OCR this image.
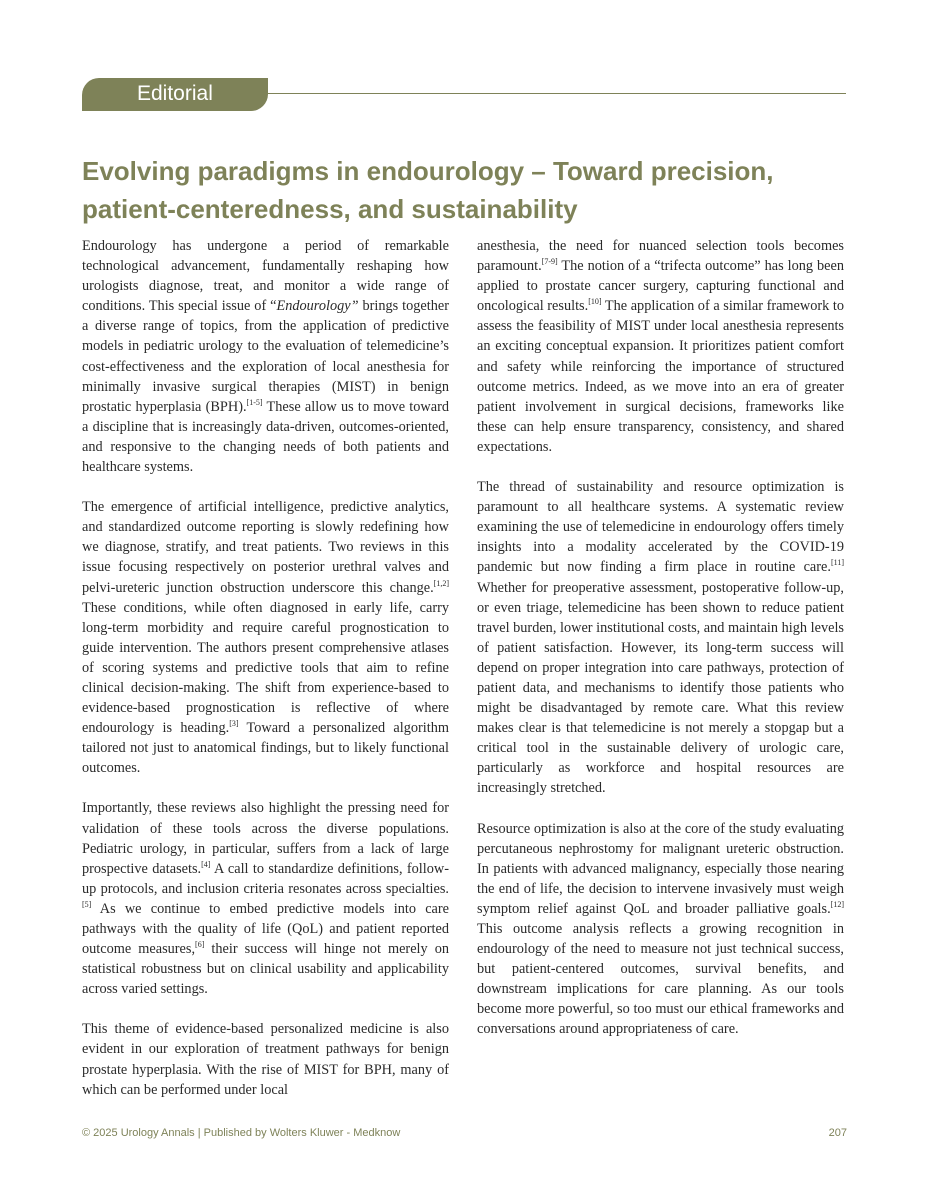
Editorial
Evolving paradigms in endourology – Toward precision, patient-centeredness, and sustainability

Endourology has undergone a period of remarkable technological advancement, fundamentally reshaping how urologists diagnose, treat, and monitor a wide range of conditions. This special issue of “Endourology” brings together a diverse range of topics, from the application of predictive models in pediatric urology to the evaluation of telemedicine’s cost-effectiveness and the exploration of local anesthesia for minimally invasive surgical therapies (MIST) in benign prostatic hyperplasia (BPH).[1-5] These allow us to move toward a discipline that is increasingly data-driven, outcomes-oriented, and responsive to the changing needs of both patients and healthcare systems.

The emergence of artificial intelligence, predictive analytics, and standardized outcome reporting is slowly redefining how we diagnose, stratify, and treat patients. Two reviews in this issue focusing respectively on posterior urethral valves and pelvi-ureteric junction obstruction underscore this change.[1,2] These conditions, while often diagnosed in early life, carry long-term morbidity and require careful prognostication to guide intervention. The authors present comprehensive atlases of scoring systems and predictive tools that aim to refine clinical decision-making. The shift from experience-based to evidence-based prognostication is reflective of where endourology is heading.[3] Toward a personalized algorithm tailored not just to anatomical findings, but to likely functional outcomes.

Importantly, these reviews also highlight the pressing need for validation of these tools across the diverse populations. Pediatric urology, in particular, suffers from a lack of large prospective datasets.[4] A call to standardize definitions, follow-up protocols, and inclusion criteria resonates across specialties.[5] As we continue to embed predictive models into care pathways with the quality of life (QoL) and patient reported outcome measures,[6] their success will hinge not merely on statistical robustness but on clinical usability and applicability across varied settings.

This theme of evidence-based personalized medicine is also evident in our exploration of treatment pathways for benign prostate hyperplasia. With the rise of MIST for BPH, many of which can be performed under local

anesthesia, the need for nuanced selection tools becomes paramount.[7-9] The notion of a “trifecta outcome” has long been applied to prostate cancer surgery, capturing functional and oncological results.[10] The application of a similar framework to assess the feasibility of MIST under local anesthesia represents an exciting conceptual expansion. It prioritizes patient comfort and safety while reinforcing the importance of structured outcome metrics. Indeed, as we move into an era of greater patient involvement in surgical decisions, frameworks like these can help ensure transparency, consistency, and shared expectations.

The thread of sustainability and resource optimization is paramount to all healthcare systems. A systematic review examining the use of telemedicine in endourology offers timely insights into a modality accelerated by the COVID-19 pandemic but now finding a firm place in routine care.[11] Whether for preoperative assessment, postoperative follow-up, or even triage, telemedicine has been shown to reduce patient travel burden, lower institutional costs, and maintain high levels of patient satisfaction. However, its long-term success will depend on proper integration into care pathways, protection of patient data, and mechanisms to identify those patients who might be disadvantaged by remote care. What this review makes clear is that telemedicine is not merely a stopgap but a critical tool in the sustainable delivery of urologic care, particularly as workforce and hospital resources are increasingly stretched.

Resource optimization is also at the core of the study evaluating percutaneous nephrostomy for malignant ureteric obstruction. In patients with advanced malignancy, especially those nearing the end of life, the decision to intervene invasively must weigh symptom relief against QoL and broader palliative goals.[12] This outcome analysis reflects a growing recognition in endourology of the need to measure not just technical success, but patient-centered outcomes, survival benefits, and downstream implications for care planning. As our tools become more powerful, so too must our ethical frameworks and conversations around appropriateness of care.

© 2025 Urology Annals | Published by Wolters Kluwer - Medknow	207
